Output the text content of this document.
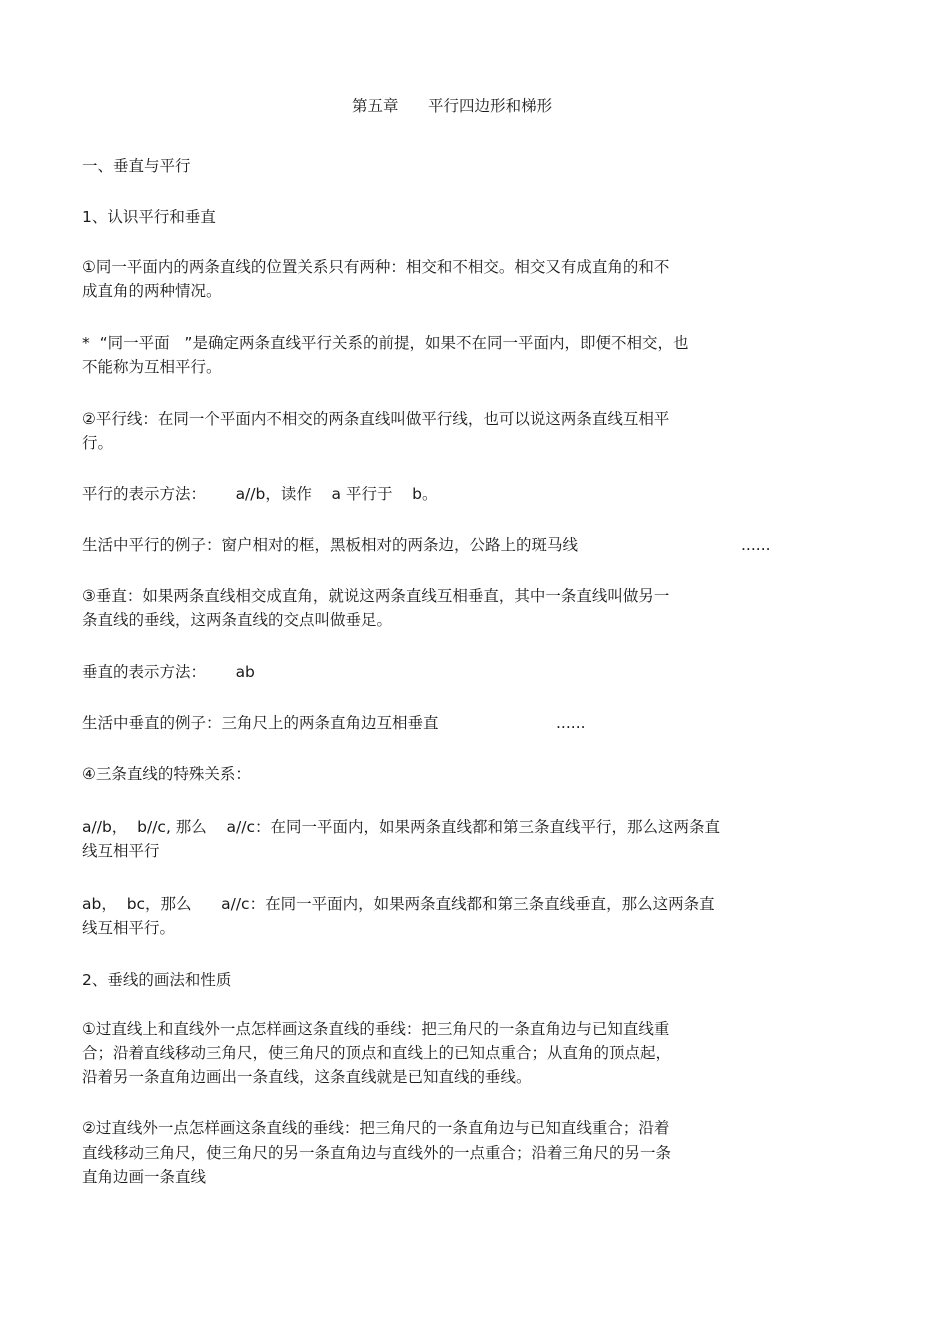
第五章      平行四边形和梯形
一、垂直与平行
1、认识平行和垂直
①同一平面内的两条直线的位置关系只有两种：相交和不相交。相交又有成直角的和不
成直角的两种情况。
*  “同一平面   ”是确定两条直线平行关系的前提，如果不在同一平面内，即便不相交，也
不能称为互相平行。
②平行线：在同一个平面内不相交的两条直线叫做平行线，也可以说这两条直线互相平
行。
平行的表示方法：      a//b，读作    a 平行于    b。
生活中平行的例子：窗户相对的框，黑板相对的两条边，公路上的斑马线	......
③垂直：如果两条直线相交成直角，就说这两条直线互相垂直，其中一条直线叫做另一
条直线的垂线，这两条直线的交点叫做垂足。
垂直的表示方法：      ab
生活中垂直的例子：三角尺上的两条直角边互相垂直	......
④三条直线的特殊关系：
a//b，  b//c, 那么    a//c：在同一平面内，如果两条直线都和第三条直线平行，那么这两条直
线互相平行
ab，  bc，那么      a//c：在同一平面内，如果两条直线都和第三条直线垂直，那么这两条直
线互相平行。
2、垂线的画法和性质
①过直线上和直线外一点怎样画这条直线的垂线：把三角尺的一条直角边与已知直线重
合；沿着直线移动三角尺，使三角尺的顶点和直线上的已知点重合；从直角的顶点起，
沿着另一条直角边画出一条直线，这条直线就是已知直线的垂线。
②过直线外一点怎样画这条直线的垂线：把三角尺的一条直角边与已知直线重合；沿着
直线移动三角尺，使三角尺的另一条直角边与直线外的一点重合；沿着三角尺的另一条
直角边画一条直线
